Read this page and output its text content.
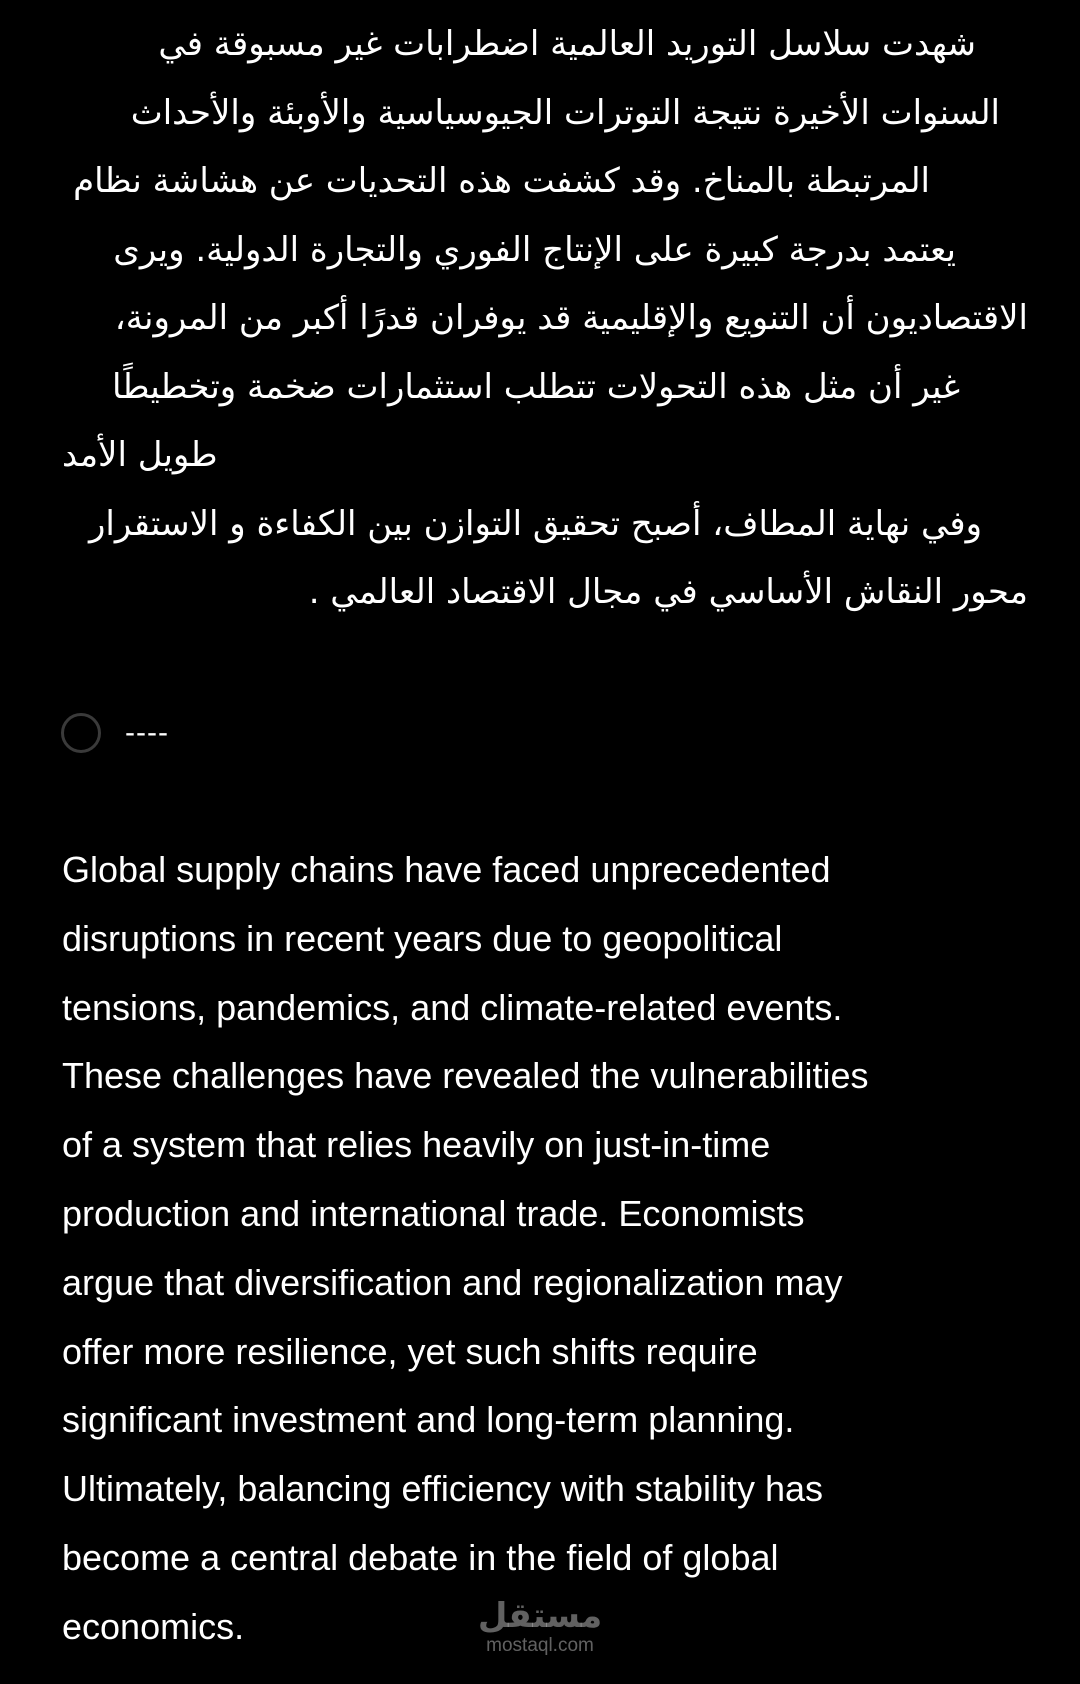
شهدت سلاسل التوريد العالمية اضطرابات غير مسبوقة في
السنوات الأخيرة نتيجة التوترات الجيوسياسية والأوبئة والأحداث
المرتبطة بالمناخ. وقد كشفت هذه التحديات عن هشاشة نظام
يعتمد بدرجة كبيرة على الإنتاج الفوري والتجارة الدولية. ويرى
الاقتصاديون أن التنويع والإقليمية قد يوفران قدرًا أكبر من المرونة،
غير أن مثل هذه التحولات تتطلب استثمارات ضخمة وتخطيطًا
طويل الأمد
وفي نهاية المطاف، أصبح تحقيق التوازن بين الكفاءة و الاستقرار
محور النقاش الأساسي في مجال الاقتصاد العالمي .
----
Global supply chains have faced unprecedented
disruptions in recent years due to geopolitical
tensions, pandemics, and climate-related events.
These challenges have revealed the vulnerabilities
of a system that relies heavily on just-in-time
production and international trade. Economists
argue that diversification and regionalization may
offer more resilience, yet such shifts require
significant investment and long-term planning.
Ultimately, balancing efficiency with stability has
become a central debate in the field of global
economics.	مستقل
mostaql.com
